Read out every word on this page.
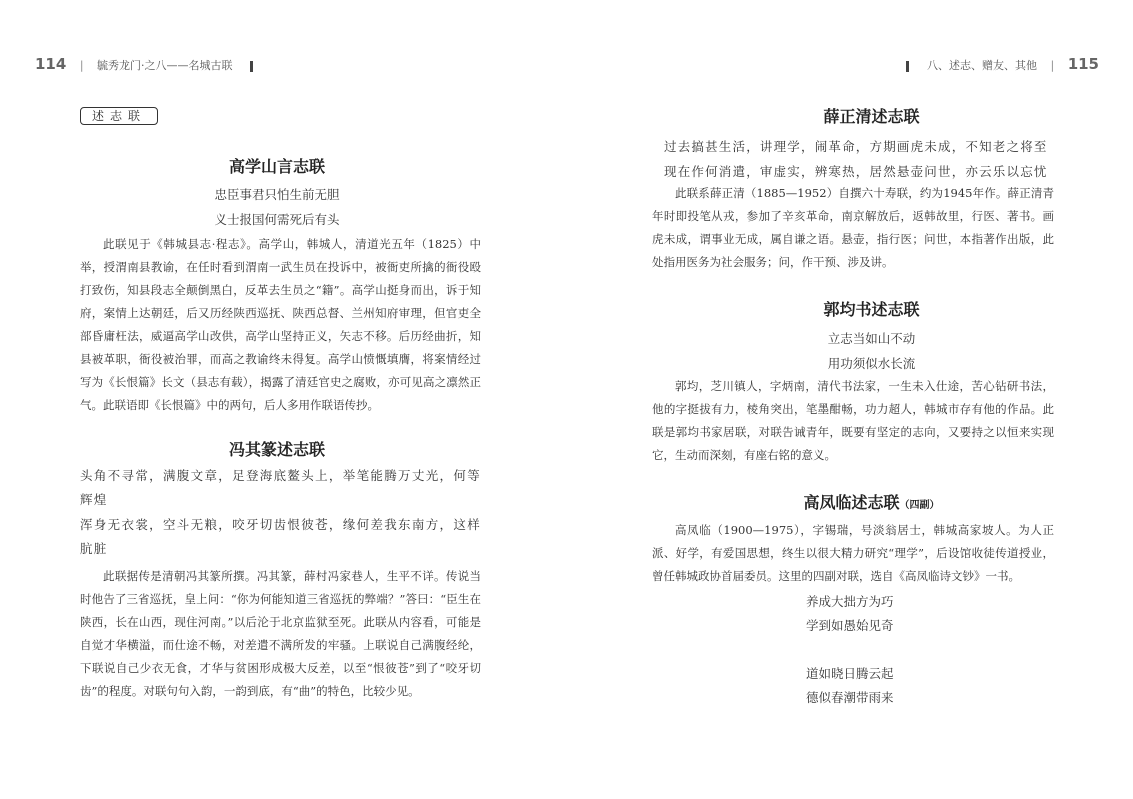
114 | 毓秀龙门·之八——名城古联
述志联
高学山言志联
忠臣事君只怕生前无胆
义士报国何需死后有头

此联见于《韩城县志·程志》。高学山，韩城人，清道光五年（1825）中举，授渭南县教谕，在任时看到渭南一武生员在投诉中，被衙吏所擒的衙役殴打致伤，知县段志全颠倒黑白，反革去生员之“籍”。高学山挺身而出，诉于知府，案情上达朝廷，后又历经陕西巡抚、陕西总督、兰州知府审理，但官吏全部昏庸枉法，威逼高学山改供，高学山坚持正义，矢志不移。后历经曲折，知县被革职，衙役被治罪，而高之教谕终未得复。高学山愤慨填膺，将案情经过写为《长恨篇》长文（县志有载），揭露了清廷官史之腐败，亦可见高之凛然正气。此联语即《长恨篇》中的两句，后人多用作联语传抄。

冯其篆述志联

头角不寻常，满腹文章，足登海底鳌头上，举笔能腾万丈光，何等辉煌

浑身无衣裳，空斗无粮，咬牙切齿恨彼苍，缘何差我东南方，这样肮脏

此联据传是清朝冯其篆所撰。冯其篆，薛村冯家巷人，生平不详。传说当时他告了三省巡抚，皇上问：“你为何能知道三省巡抚的弊端？”答曰：“臣生在陕西，长在山西，现住河南。”以后沦于北京监狱至死。此联从内容看，可能是自觉才华横溢，而仕途不畅，对差遣不满所发的牢骚。上联说自己满腹经纶，下联说自己少衣无食，才华与贫困形成极大反差，以至“恨彼苍”到了“咬牙切齿”的程度。对联句句入韵，一韵到底，有“曲”的特色，比较少见。

八、述志、赠友、其他 | 115
薛正清述志联
过去搞甚生活，讲理学，闹革命，方期画虎未成，不知老之将至
现在作何消遣，审虚实，辨寒热，居然悬壶问世，亦云乐以忘忧

此联系薛正清（1885—1952）自撰六十寿联，约为1945年作。薛正清青年时即投笔从戎，参加了辛亥革命，南京解放后，返韩故里，行医、著书。画虎未成，谓事业无成，属自谦之语。悬壶，指行医；问世，本指著作出版，此处指用医务为社会服务；问，作干预、涉及讲。

郭均书述志联
立志当如山不动
用功须似水长流

郭均，芝川镇人，字炳南，清代书法家，一生未入仕途，苦心钻研书法，他的字挺拔有力，棱角突出，笔墨酣畅，功力超人，韩城市存有他的作品。此联是郭均书家居联，对联告诫青年，既要有坚定的志向，又要持之以恒来实现它，生动而深刻，有座右铭的意义。

高凤临述志联（四副）

高凤临（1900—1975），字锡瑞，号淡翁居士，韩城高家坡人。为人正派、好学，有爱国思想，终生以很大精力研究“理学”，后设馆收徒传道授业，曾任韩城政协首届委员。这里的四副对联，选自《高凤临诗文钞》一书。

养成大拙方为巧
学到如愚始见奇
道如晓日腾云起
德似春潮带雨来
